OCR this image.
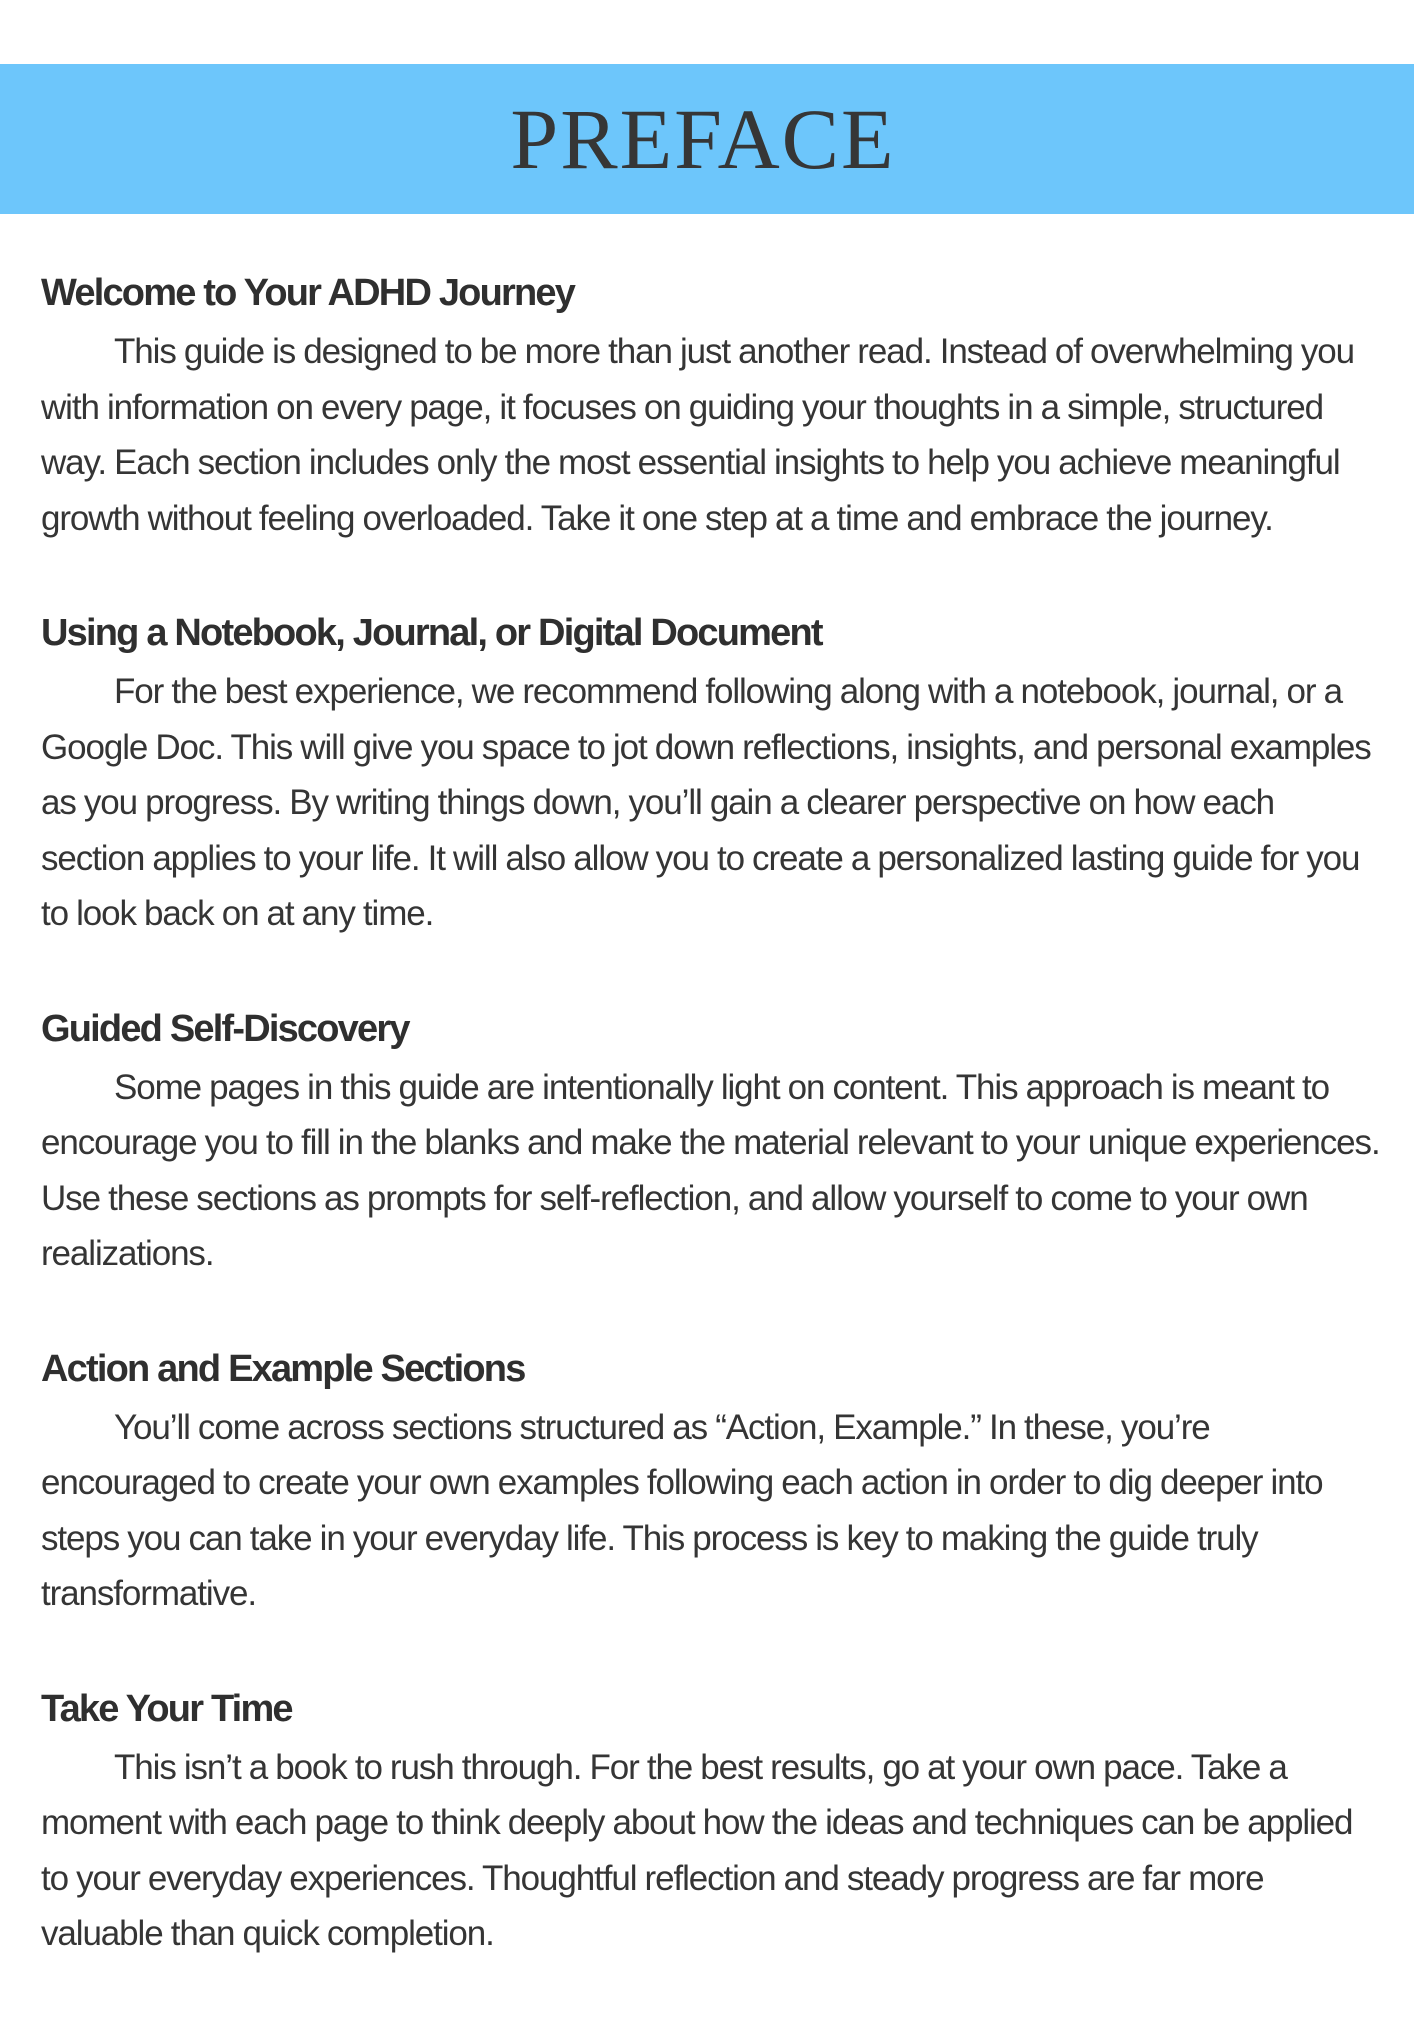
PREFACE
Welcome to Your ADHD Journey

This guide is designed to be more than just another read. Instead of overwhelming you with information on every page, it focuses on guiding your thoughts in a simple, structured way. Each section includes only the most essential insights to help you achieve meaningful growth without feeling overloaded. Take it one step at a time and embrace the journey.

Using a Notebook, Journal, or Digital Document

For the best experience, we recommend following along with a notebook, journal, or a Google Doc. This will give you space to jot down reflections, insights, and personal examples as you progress. By writing things down, you’ll gain a clearer perspective on how each section applies to your life. It will also allow you to create a personalized lasting guide for you to look back on at any time.

Guided Self-Discovery

Some pages in this guide are intentionally light on content. This approach is meant to encourage you to fill in the blanks and make the material relevant to your unique experiences. Use these sections as prompts for self-reflection, and allow yourself to come to your own realizations.

Action and Example Sections

You’ll come across sections structured as “Action, Example.” In these, you’re encouraged to create your own examples following each action in order to dig deeper into steps you can take in your everyday life. This process is key to making the guide truly transformative.

Take Your Time

This isn’t a book to rush through. For the best results, go at your own pace. Take a moment with each page to think deeply about how the ideas and techniques can be applied to your everyday experiences. Thoughtful reflection and steady progress are far more valuable than quick completion.
